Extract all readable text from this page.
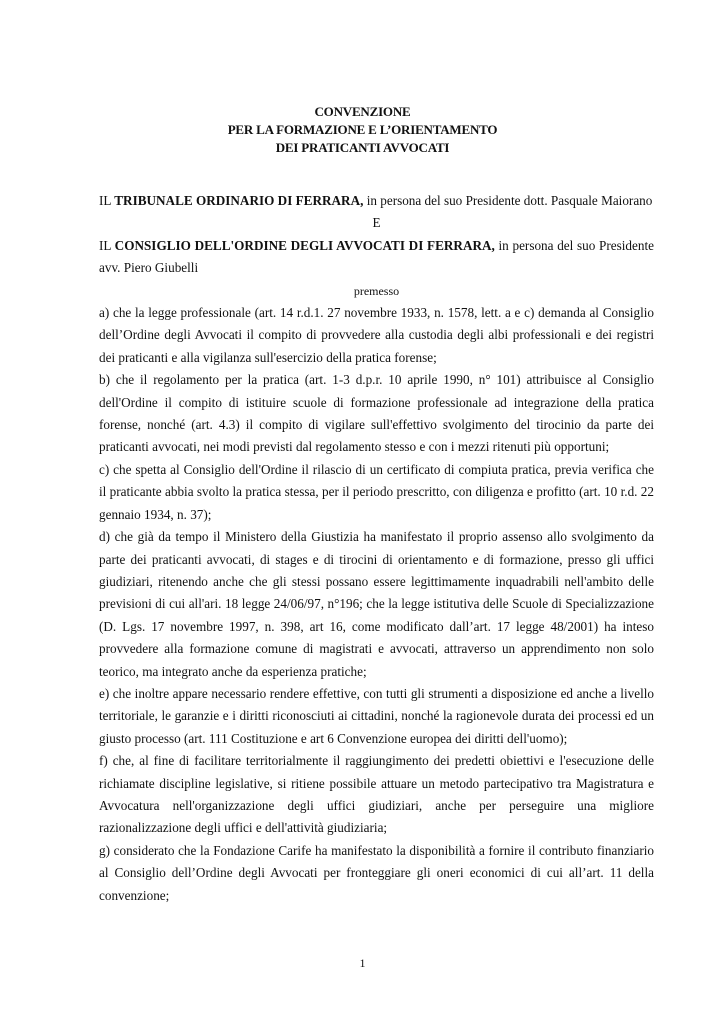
CONVENZIONE
PER LA FORMAZIONE E L’ORIENTAMENTO
DEI PRATICANTI AVVOCATI

IL TRIBUNALE ORDINARIO DI FERRARA, in persona del suo Presidente dott. Pasquale Maiorano

E

IL CONSIGLIO DELL'ORDINE DEGLI AVVOCATI DI FERRARA, in persona del suo Presidente avv. Piero Giubelli

premesso

a) che la legge professionale (art. 14 r.d.1. 27 novembre 1933, n. 1578, lett. a e c) demanda al Consiglio dell’Ordine degli Avvocati il compito di provvedere alla custodia degli albi professionali e dei registri dei praticanti e alla vigilanza sull'esercizio della pratica forense;

b) che il regolamento per la pratica (art. 1-3 d.p.r. 10 aprile 1990, n° 101) attribuisce al Consiglio dell'Ordine il compito di istituire scuole di formazione professionale ad integrazione della pratica forense, nonché (art. 4.3) il compito di vigilare sull'effettivo svolgimento del tirocinio da parte dei praticanti avvocati, nei modi previsti dal regolamento stesso e con i mezzi ritenuti più opportuni;

c) che spetta al Consiglio dell'Ordine il rilascio di un certificato di compiuta pratica, previa verifica che il praticante abbia svolto la pratica stessa, per il periodo prescritto, con diligenza e profitto (art. 10 r.d. 22 gennaio 1934, n. 37);

d) che già da tempo il Ministero della Giustizia ha manifestato il proprio assenso allo svolgimento da parte dei praticanti avvocati, di stages e di tirocini di orientamento e di formazione, presso gli uffici giudiziari, ritenendo anche che gli stessi possano essere legittimamente inquadrabili nell'ambito delle previsioni di cui all'ari. 18 legge 24/06/97, n°196; che la legge istitutiva delle Scuole di Specializzazione (D. Lgs. 17 novembre 1997, n. 398, art 16, come modificato dall’art. 17 legge 48/2001) ha inteso provvedere alla formazione comune di magistrati e avvocati, attraverso un apprendimento non solo teorico, ma integrato anche da esperienza pratiche;

e) che inoltre appare necessario rendere effettive, con tutti gli strumenti a disposizione ed anche a livello territoriale, le garanzie e i diritti riconosciuti ai cittadini, nonché la ragionevole durata dei processi ed un giusto processo (art. 111 Costituzione e art 6 Convenzione europea dei diritti dell'uomo);

f) che, al fine di facilitare territorialmente il raggiungimento dei predetti obiettivi e l'esecuzione delle richiamate discipline legislative, si ritiene possibile attuare un metodo partecipativo tra Magistratura e Avvocatura nell'organizzazione degli uffici giudiziari, anche per perseguire una migliore razionalizzazione degli uffici e dell'attività giudiziaria;

g) considerato che la Fondazione Carife ha manifestato la disponibilità a fornire il contributo finanziario al Consiglio dell’Ordine degli Avvocati per fronteggiare gli oneri economici di cui all’art. 11 della convenzione;

1
